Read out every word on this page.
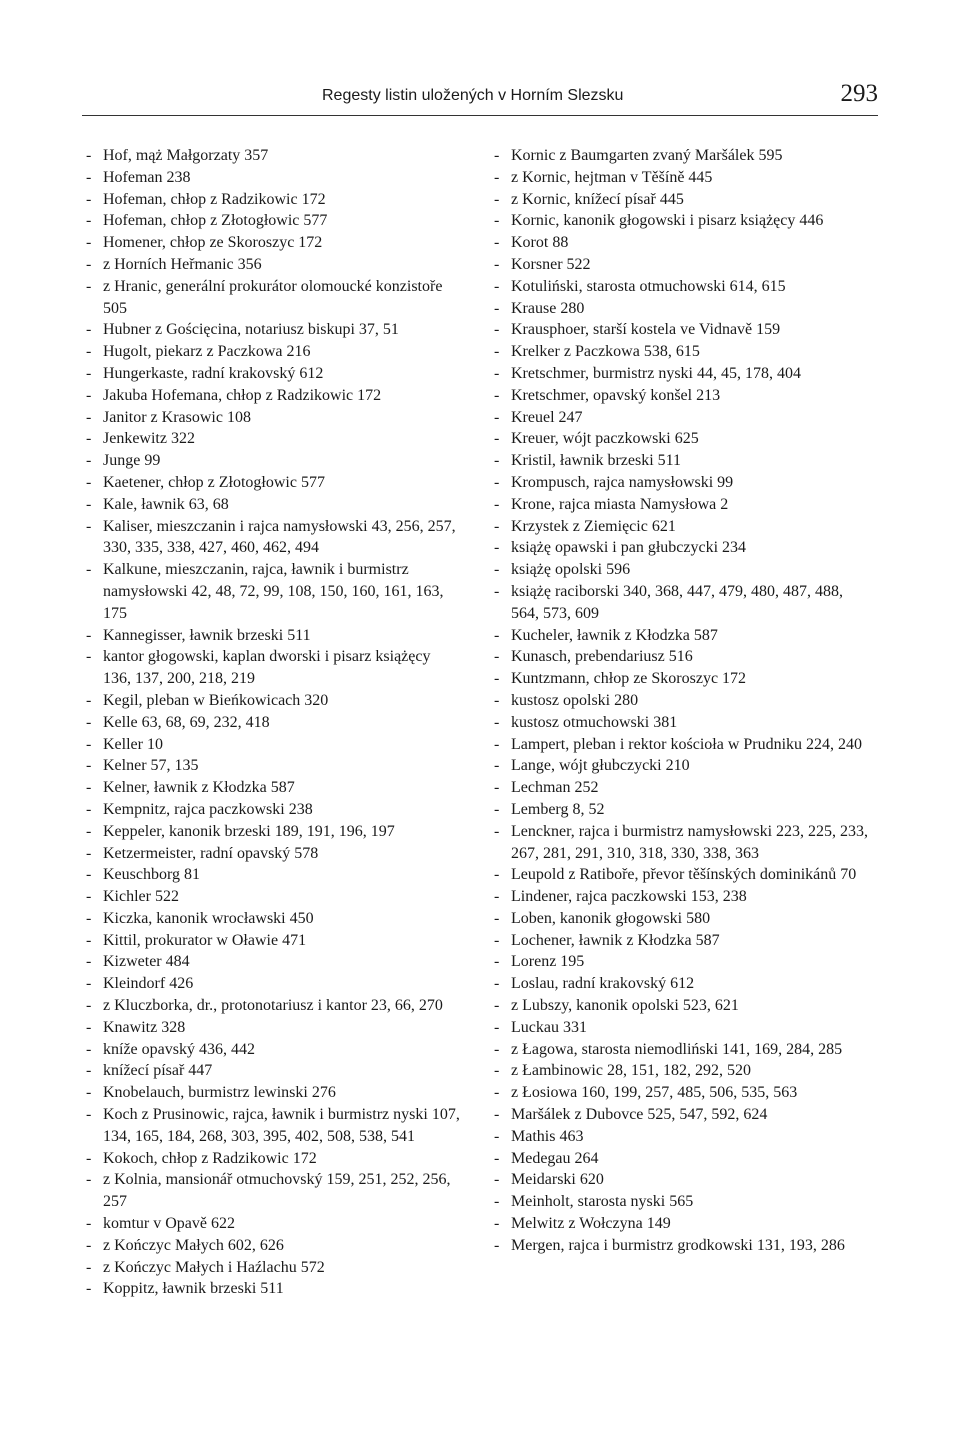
Regesty listin uložených v Horním Slezsku	293
- Hof, mąż Małgorzaty 357
- Hofeman 238
- Hofeman, chłop z Radzikowic 172
- Hofeman, chłop z Złotogłowic 577
- Homener, chłop ze Skoroszyc 172
- z Horních Heřmanic 356
- z Hranic, generální prokurátor olomoucké konzistoře 505
- Hubner z Gościęcina, notariusz biskupi 37, 51
- Hugolt, piekarz z Paczkowa 216
- Hungerkaste, radní krakovský 612
- Jakuba Hofemana, chłop z Radzikowic 172
- Janitor z Krasowic 108
- Jenkewitz 322
- Junge 99
- Kaetener, chłop z Złotogłowic 577
- Kale, ławnik 63, 68
- Kaliser, mieszczanin i rajca namysłowski 43, 256, 257, 330, 335, 338, 427, 460, 462, 494
- Kalkune, mieszczanin, rajca, ławnik i burmistrz namysłowski 42, 48, 72, 99, 108, 150, 160, 161, 163, 175
- Kannegisser, ławnik brzeski 511
- kantor głogowski, kaplan dworski i pisarz książęcy 136, 137, 200, 218, 219
- Kegil, pleban w Bieńkowicach 320
- Kelle 63, 68, 69, 232, 418
- Keller 10
- Kelner 57, 135
- Kelner, ławnik z Kłodzka 587
- Kempnitz, rajca paczkowski 238
- Keppeler, kanonik brzeski 189, 191, 196, 197
- Ketzermeister, radní opavský 578
- Keuschborg 81
- Kichler 522
- Kiczka, kanonik wrocławski 450
- Kittil, prokurator w Oławie 471
- Kizweter 484
- Kleindorf 426
- z Kluczborka, dr., protonotariusz i kantor 23, 66, 270
- Knawitz 328
- kníže opavský 436, 442
- knížecí písař 447
- Knobelauch, burmistrz lewinski 276
- Koch z Prusinowic, rajca, ławnik i burmistrz nyski 107, 134, 165, 184, 268, 303, 395, 402, 508, 538, 541
- Kokoch, chłop z Radzikowic 172
- z Kolnia, mansionář otmuchovský 159, 251, 252, 256, 257
- komtur v Opavě 622
- z Kończyc Małych 602, 626
- z Kończyc Małych i Haźlachu 572
- Koppitz, ławnik brzeski 511
- Kornic z Baumgarten zvaný Maršálek 595
- z Kornic, hejtman v Těšíně 445
- z Kornic, knížecí písař 445
- Kornic, kanonik głogowski i pisarz książęcy 446
- Korot 88
- Korsner 522
- Kotuliński, starosta otmuchowski 614, 615
- Krause 280
- Krausphoer, starší kostela ve Vidnavě 159
- Krelker z Paczkowa 538, 615
- Kretschmer, burmistrz nyski 44, 45, 178, 404
- Kretschmer, opavský konšel 213
- Kreuel 247
- Kreuer, wójt paczkowski 625
- Kristil, ławnik brzeski 511
- Krompusch, rajca namysłowski 99
- Krone, rajca miasta Namysłowa 2
- Krzystek z Ziemięcic 621
- książę opawski i pan głubczycki 234
- książę opolski 596
- książę raciborski 340, 368, 447, 479, 480, 487, 488, 564, 573, 609
- Kucheler, ławnik z Kłodzka 587
- Kunasch, prebendariusz 516
- Kuntzmann, chłop ze Skoroszyc 172
- kustosz opolski 280
- kustosz otmuchowski 381
- Lampert, pleban i rektor kościoła w Prudniku 224, 240
- Lange, wójt głubczycki 210
- Lechman 252
- Lemberg 8, 52
- Lenckner, rajca i burmistrz namysłowski 223, 225, 233, 267, 281, 291, 310, 318, 330, 338, 363
- Leupold z Ratiboře, převor těšínských dominikánů 70
- Lindener, rajca paczkowski 153, 238
- Loben, kanonik głogowski 580
- Lochener, ławnik z Kłodzka 587
- Lorenz 195
- Loslau, radní krakovský 612
- z Lubszy, kanonik opolski 523, 621
- Luckau 331
- z Łagowa, starosta niemodliński 141, 169, 284, 285
- z Łambinowic 28, 151, 182, 292, 520
- z Łosiowa 160, 199, 257, 485, 506, 535, 563
- Maršálek z Dubovce 525, 547, 592, 624
- Mathis 463
- Medegau 264
- Meidarski 620
- Meinholt, starosta nyski 565
- Melwitz z Wołczyna 149
- Mergen, rajca i burmistrz grodkowski 131, 193, 286
